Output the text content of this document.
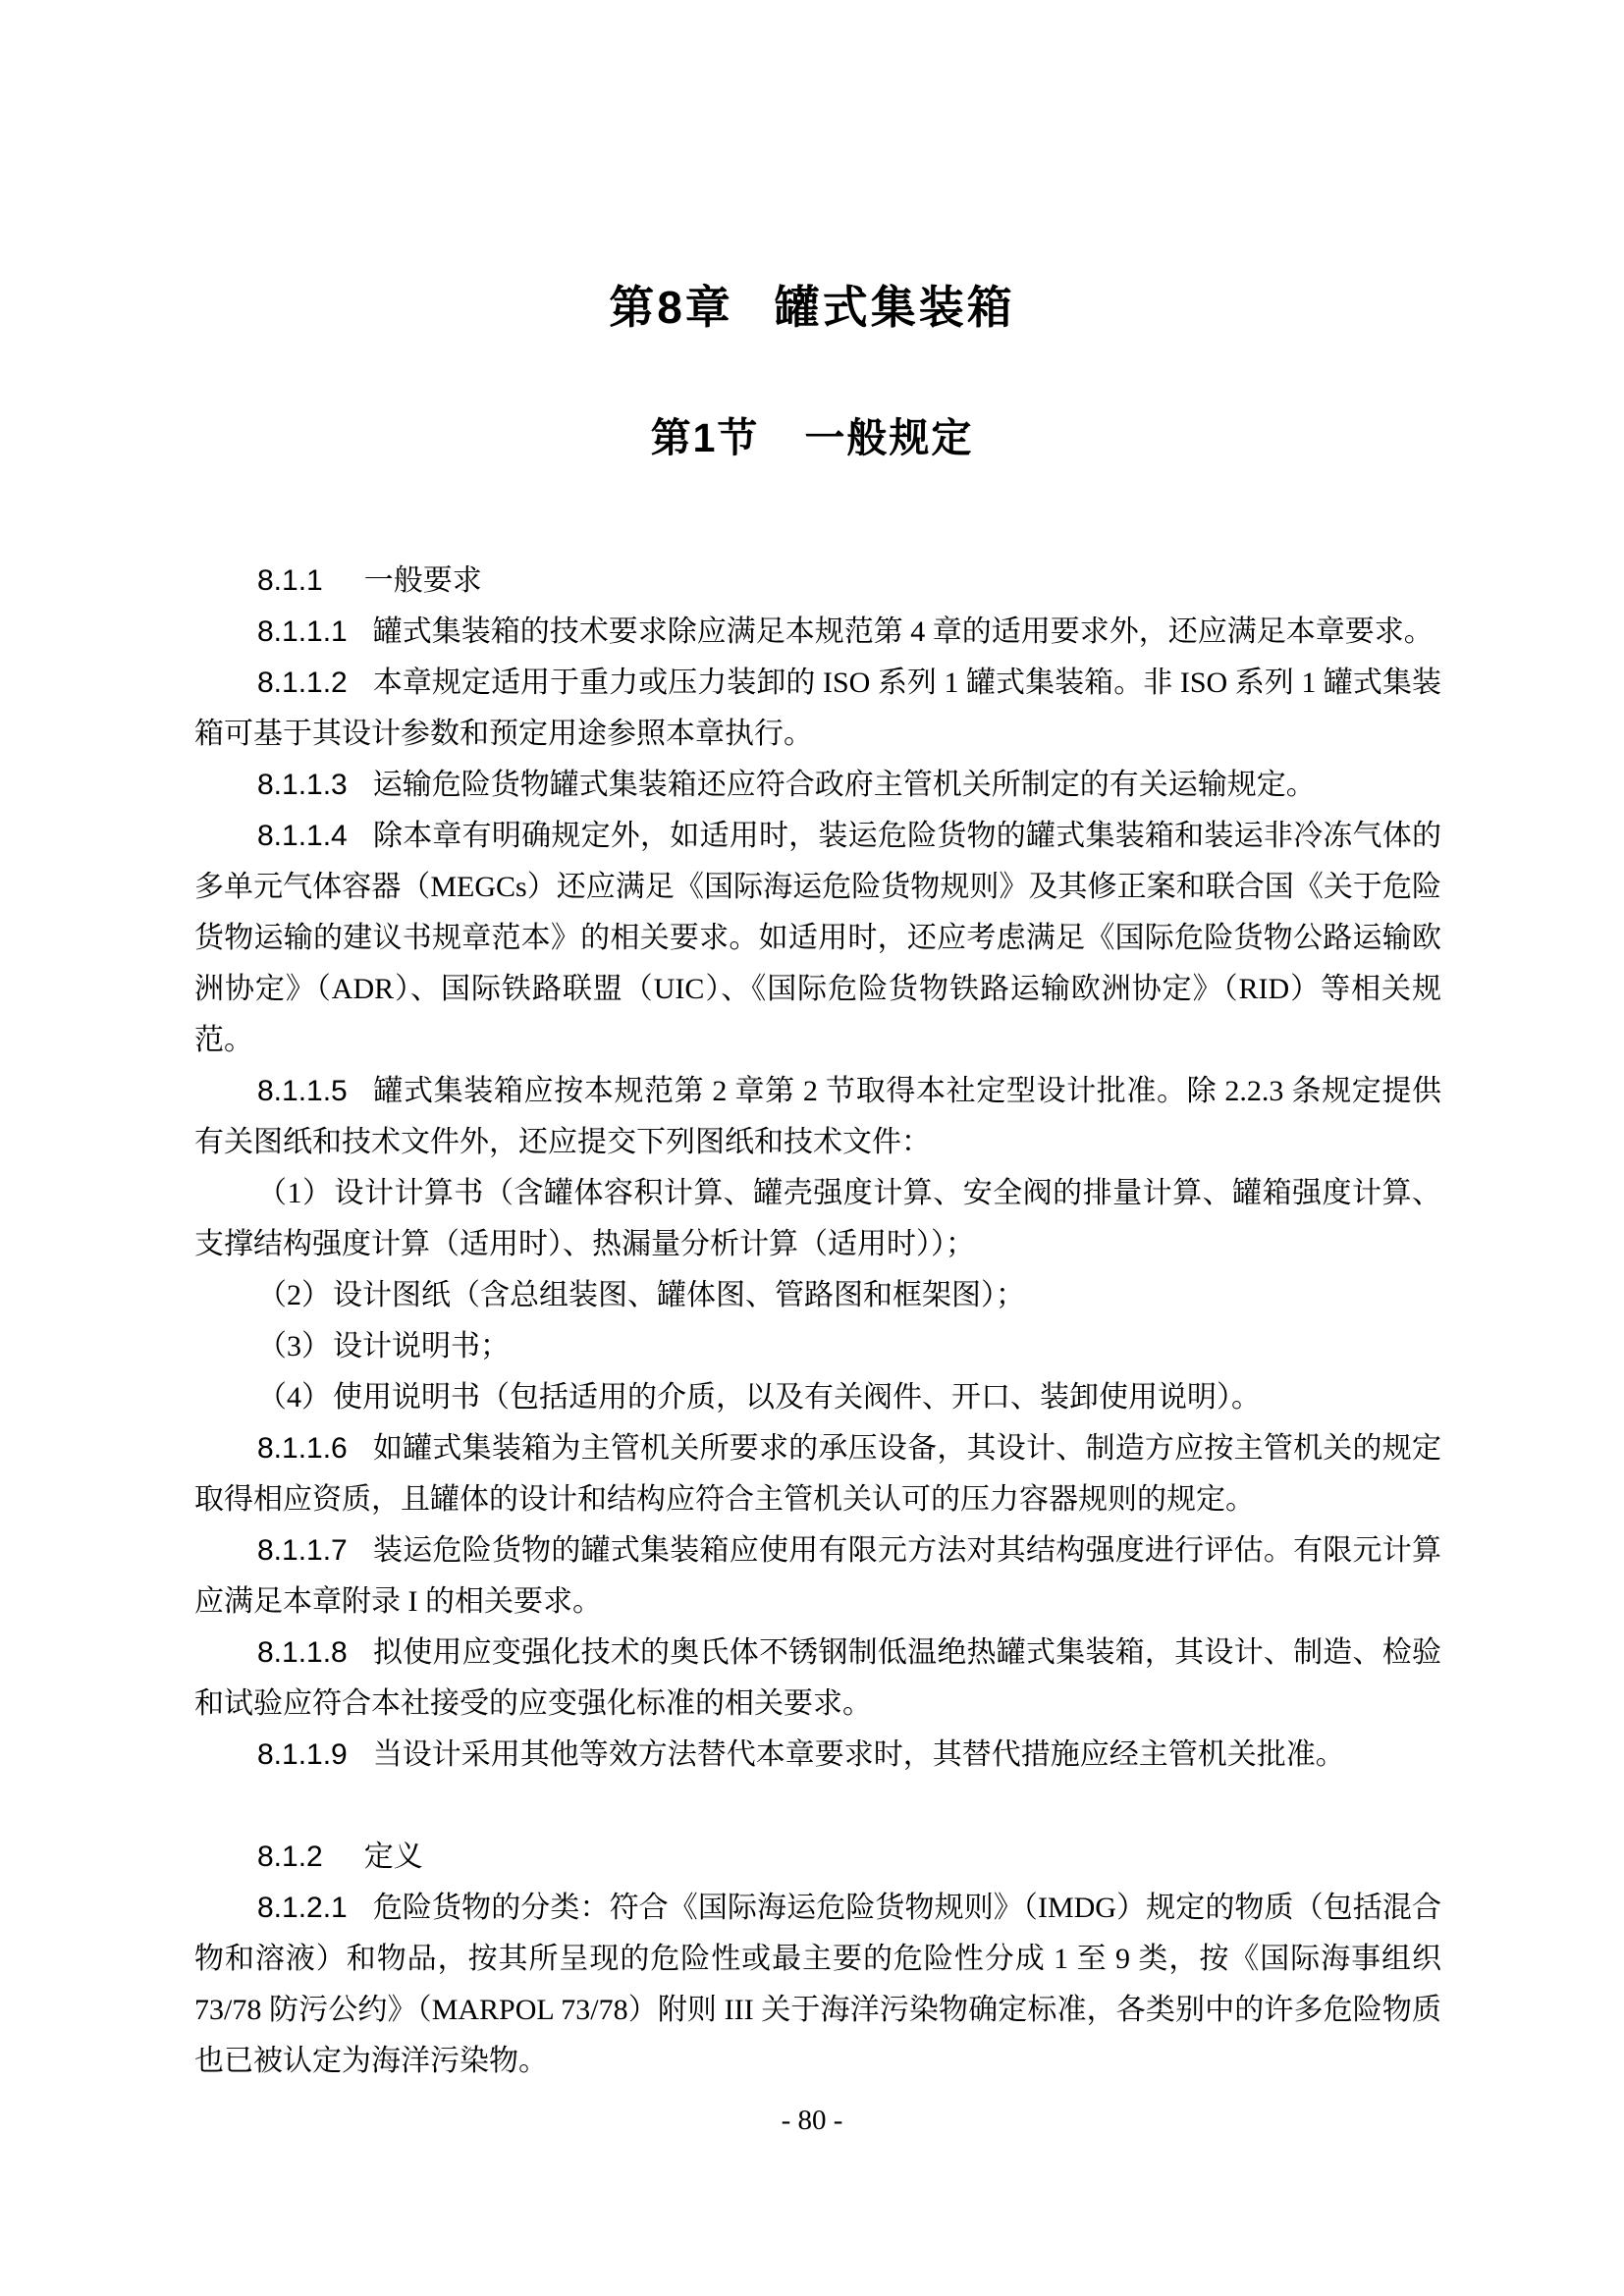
第8章 罐式集装箱
第1节 一般规定

8.1.1 一般要求

8.1.1.1 罐式集装箱的技术要求除应满足本规范第 4 章的适用要求外，还应满足本章要求。

8.1.1.2 本章规定适用于重力或压力装卸的 ISO 系列 1 罐式集装箱。非 ISO 系列 1 罐式集装箱可基于其设计参数和预定用途参照本章执行。

8.1.1.3 运输危险货物罐式集装箱还应符合政府主管机关所制定的有关运输规定。

8.1.1.4 除本章有明确规定外，如适用时，装运危险货物的罐式集装箱和装运非冷冻气体的多单元气体容器（MEGCs）还应满足《国际海运危险货物规则》及其修正案和联合国《关于危险货物运输的建议书规章范本》的相关要求。如适用时，还应考虑满足《国际危险货物公路运输欧洲协定》（ADR）、国际铁路联盟（UIC）、《国际危险货物铁路运输欧洲协定》（RID）等相关规范。

8.1.1.5 罐式集装箱应按本规范第 2 章第 2 节取得本社定型设计批准。除 2.2.3 条规定提供有关图纸和技术文件外，还应提交下列图纸和技术文件：

（1）设计计算书（含罐体容积计算、罐壳强度计算、安全阀的排量计算、罐箱强度计算、支撑结构强度计算（适用时）、热漏量分析计算（适用时））；

（2）设计图纸（含总组装图、罐体图、管路图和框架图）；

（3）设计说明书；

（4）使用说明书（包括适用的介质，以及有关阀件、开口、装卸使用说明）。

8.1.1.6 如罐式集装箱为主管机关所要求的承压设备，其设计、制造方应按主管机关的规定取得相应资质，且罐体的设计和结构应符合主管机关认可的压力容器规则的规定。

8.1.1.7 装运危险货物的罐式集装箱应使用有限元方法对其结构强度进行评估。有限元计算应满足本章附录 I 的相关要求。

8.1.1.8 拟使用应变强化技术的奥氏体不锈钢制低温绝热罐式集装箱，其设计、制造、检验和试验应符合本社接受的应变强化标准的相关要求。

8.1.1.9 当设计采用其他等效方法替代本章要求时，其替代措施应经主管机关批准。

8.1.2 定义

8.1.2.1 危险货物的分类：符合《国际海运危险货物规则》（IMDG）规定的物质（包括混合物和溶液）和物品，按其所呈现的危险性或最主要的危险性分成 1 至 9 类，按《国际海事组织 73/78 防污公约》（MARPOL 73/78）附则 III 关于海洋污染物确定标准，各类别中的许多危险物质也已被认定为海洋污染物。

- 80 -
